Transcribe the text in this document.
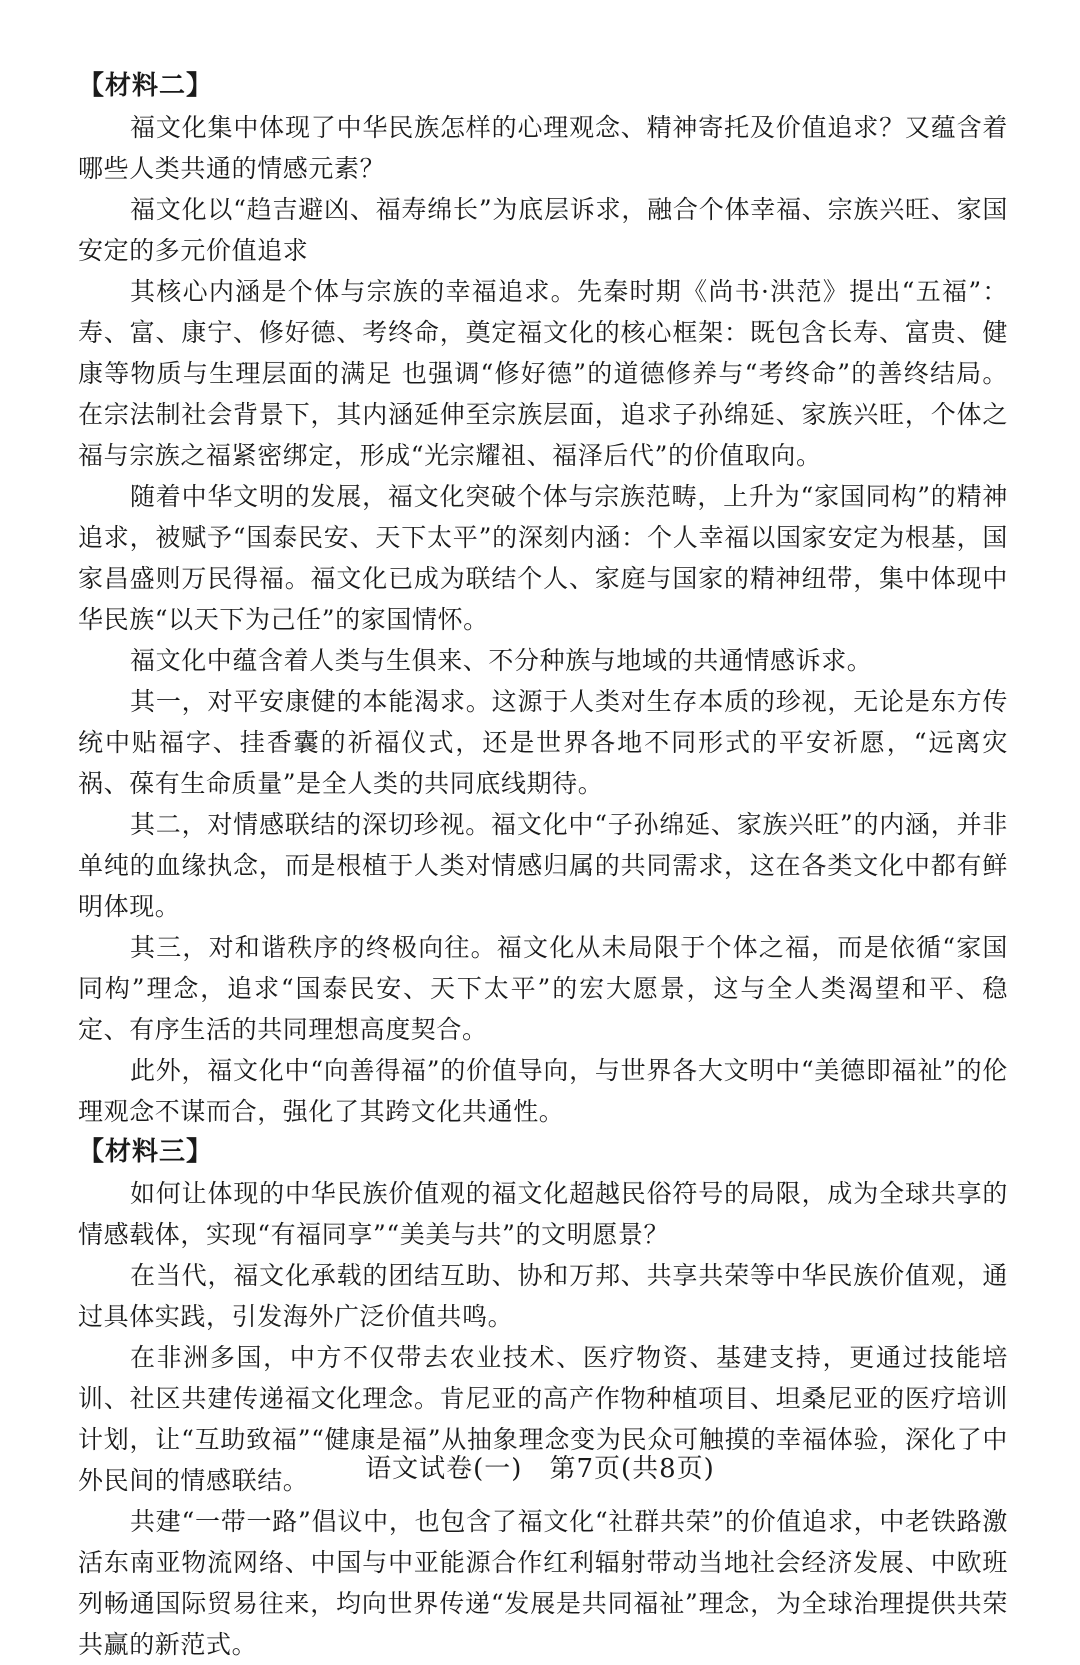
【材料二】

福文化集中体现了中华民族怎样的心理观念、精神寄托及价值追求？又蕴含着哪些人类共通的情感元素？

福文化以“趋吉避凶、福寿绵长”为底层诉求，融合个体幸福、宗族兴旺、家国安定的多元价值追求

其核心内涵是个体与宗族的幸福追求。先秦时期《尚书·洪范》提出“五福”：寿、富、康宁、修好德、考终命，奠定福文化的核心框架：既包含长寿、富贵、健康等物质与生理层面的满足 也强调“修好德”的道德修养与“考终命”的善终结局。在宗法制社会背景下，其内涵延伸至宗族层面，追求子孙绵延、家族兴旺，个体之福与宗族之福紧密绑定，形成“光宗耀祖、福泽后代”的价值取向。

随着中华文明的发展，福文化突破个体与宗族范畴，上升为“家国同构”的精神追求，被赋予“国泰民安、天下太平”的深刻内涵：个人幸福以国家安定为根基，国家昌盛则万民得福。福文化已成为联结个人、家庭与国家的精神纽带，集中体现中华民族“以天下为己任”的家国情怀。

福文化中蕴含着人类与生俱来、不分种族与地域的共通情感诉求。

其一，对平安康健的本能渴求。这源于人类对生存本质的珍视，无论是东方传统中贴福字、挂香囊的祈福仪式，还是世界各地不同形式的平安祈愿，“远离灾祸、葆有生命质量”是全人类的共同底线期待。

其二，对情感联结的深切珍视。福文化中“子孙绵延、家族兴旺”的内涵，并非单纯的血缘执念，而是根植于人类对情感归属的共同需求，这在各类文化中都有鲜明体现。

其三，对和谐秩序的终极向往。福文化从未局限于个体之福，而是依循“家国同构”理念，追求“国泰民安、天下太平”的宏大愿景，这与全人类渴望和平、稳定、有序生活的共同理想高度契合。

此外，福文化中“向善得福”的价值导向，与世界各大文明中“美德即福祉”的伦理观念不谋而合，强化了其跨文化共通性。

【材料三】

如何让体现的中华民族价值观的福文化超越民俗符号的局限，成为全球共享的情感载体，实现“有福同享”“美美与共”的文明愿景？

在当代，福文化承载的团结互助、协和万邦、共享共荣等中华民族价值观，通过具体实践，引发海外广泛价值共鸣。

在非洲多国，中方不仅带去农业技术、医疗物资、基建支持，更通过技能培训、社区共建传递福文化理念。肯尼亚的高产作物种植项目、坦桑尼亚的医疗培训计划，让“互助致福”“健康是福”从抽象理念变为民众可触摸的幸福体验，深化了中外民间的情感联结。

共建“一带一路”倡议中，也包含了福文化“社群共荣”的价值追求，中老铁路激活东南亚物流网络、中国与中亚能源合作红利辐射带动当地社会经济发展、中欧班列畅通国际贸易往来，均向世界传递“发展是共同福祉”理念，为全球治理提供共荣共赢的新范式。

语文试卷(一)　第7页(共8页)
